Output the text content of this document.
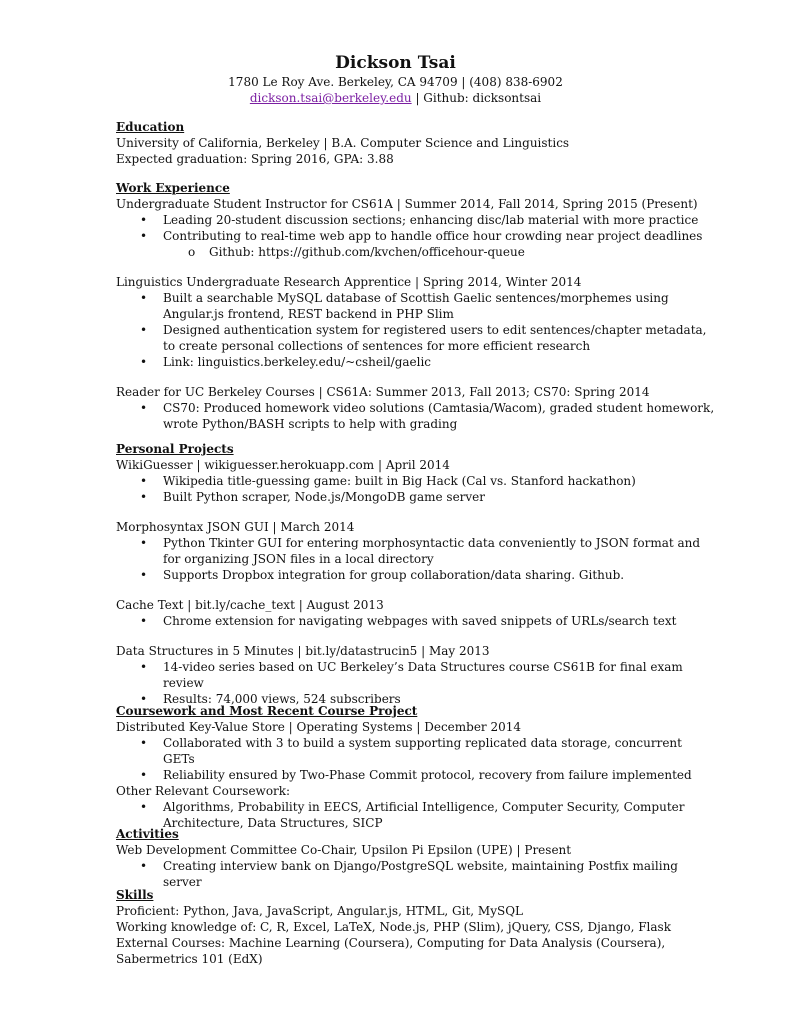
Dickson Tsai
1780 Le Roy Ave. Berkeley, CA 94709 | (408) 838-6902
dickson.tsai@berkeley.edu | Github: dicksontsai
Education
University of California, Berkeley | B.A. Computer Science and Linguistics
Expected graduation: Spring 2016, GPA: 3.88
Work Experience
Undergraduate Student Instructor for CS61A | Summer 2014, Fall 2014, Spring 2015 (Present)
• Leading 20-student discussion sections; enhancing disc/lab material with more practice
• Contributing to real-time web app to handle office hour crowding near project deadlines
o Github: https://github.com/kvchen/officehour-queue
Linguistics Undergraduate Research Apprentice | Spring 2014, Winter 2014
• Built a searchable MySQL database of Scottish Gaelic sentences/morphemes using Angular.js frontend, REST backend in PHP Slim
• Designed authentication system for registered users to edit sentences/chapter metadata, to create personal collections of sentences for more efficient research
• Link: linguistics.berkeley.edu/~csheil/gaelic
Reader for UC Berkeley Courses | CS61A: Summer 2013, Fall 2013; CS70: Spring 2014
• CS70: Produced homework video solutions (Camtasia/Wacom), graded student homework, wrote Python/BASH scripts to help with grading
Personal Projects
WikiGuesser | wikiguesser.herokuapp.com | April 2014
• Wikipedia title-guessing game: built in Big Hack (Cal vs. Stanford hackathon)
• Built Python scraper, Node.js/MongoDB game server
Morphosyntax JSON GUI | March 2014
• Python Tkinter GUI for entering morphosyntactic data conveniently to JSON format and for organizing JSON files in a local directory
• Supports Dropbox integration for group collaboration/data sharing. Github.
Cache Text | bit.ly/cache_text | August 2013
• Chrome extension for navigating webpages with saved snippets of URLs/search text
Data Structures in 5 Minutes | bit.ly/datastrucin5 | May 2013
• 14-video series based on UC Berkeley’s Data Structures course CS61B for final exam review
• Results: 74,000 views, 524 subscribers
Coursework and Most Recent Course Project
Distributed Key-Value Store | Operating Systems | December 2014
• Collaborated with 3 to build a system supporting replicated data storage, concurrent GETs
• Reliability ensured by Two-Phase Commit protocol, recovery from failure implemented
Other Relevant Coursework:
• Algorithms, Probability in EECS, Artificial Intelligence, Computer Security, Computer Architecture, Data Structures, SICP
Activities
Web Development Committee Co-Chair, Upsilon Pi Epsilon (UPE) | Present
• Creating interview bank on Django/PostgreSQL website, maintaining Postfix mailing server
Skills
Proficient: Python, Java, JavaScript, Angular.js, HTML, Git, MySQL
Working knowledge of: C, R, Excel, LaTeX, Node.js, PHP (Slim), jQuery, CSS, Django, Flask
External Courses: Machine Learning (Coursera), Computing for Data Analysis (Coursera), Sabermetrics 101 (EdX)
